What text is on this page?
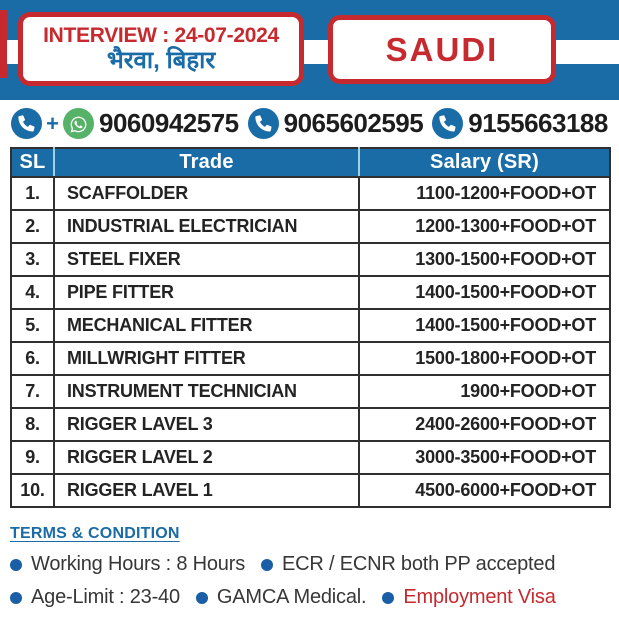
INTERVIEW : 24-07-2024
भैरवा, बिहार	SAUDI
+ 9060942575 9065602595 9155663188
SL	Trade	Salary (SR)
1.	SCAFFOLDER	1100-1200+FOOD+OT
2.	INDUSTRIAL ELECTRICIAN	1200-1300+FOOD+OT
3.	STEEL FIXER	1300-1500+FOOD+OT
4.	PIPE FITTER	1400-1500+FOOD+OT
5.	MECHANICAL FITTER	1400-1500+FOOD+OT
6.	MILLWRIGHT FITTER	1500-1800+FOOD+OT
7.	INSTRUMENT TECHNICIAN	1900+FOOD+OT
8.	RIGGER LAVEL 3	2400-2600+FOOD+OT
9.	RIGGER LAVEL 2	3000-3500+FOOD+OT
10.	RIGGER LAVEL 1	4500-6000+FOOD+OT
TERMS & CONDITION
Working Hours : 8 Hours ECR / ECNR both PP accepted
Age-Limit : 23-40 GAMCA Medical. Employment Visa
